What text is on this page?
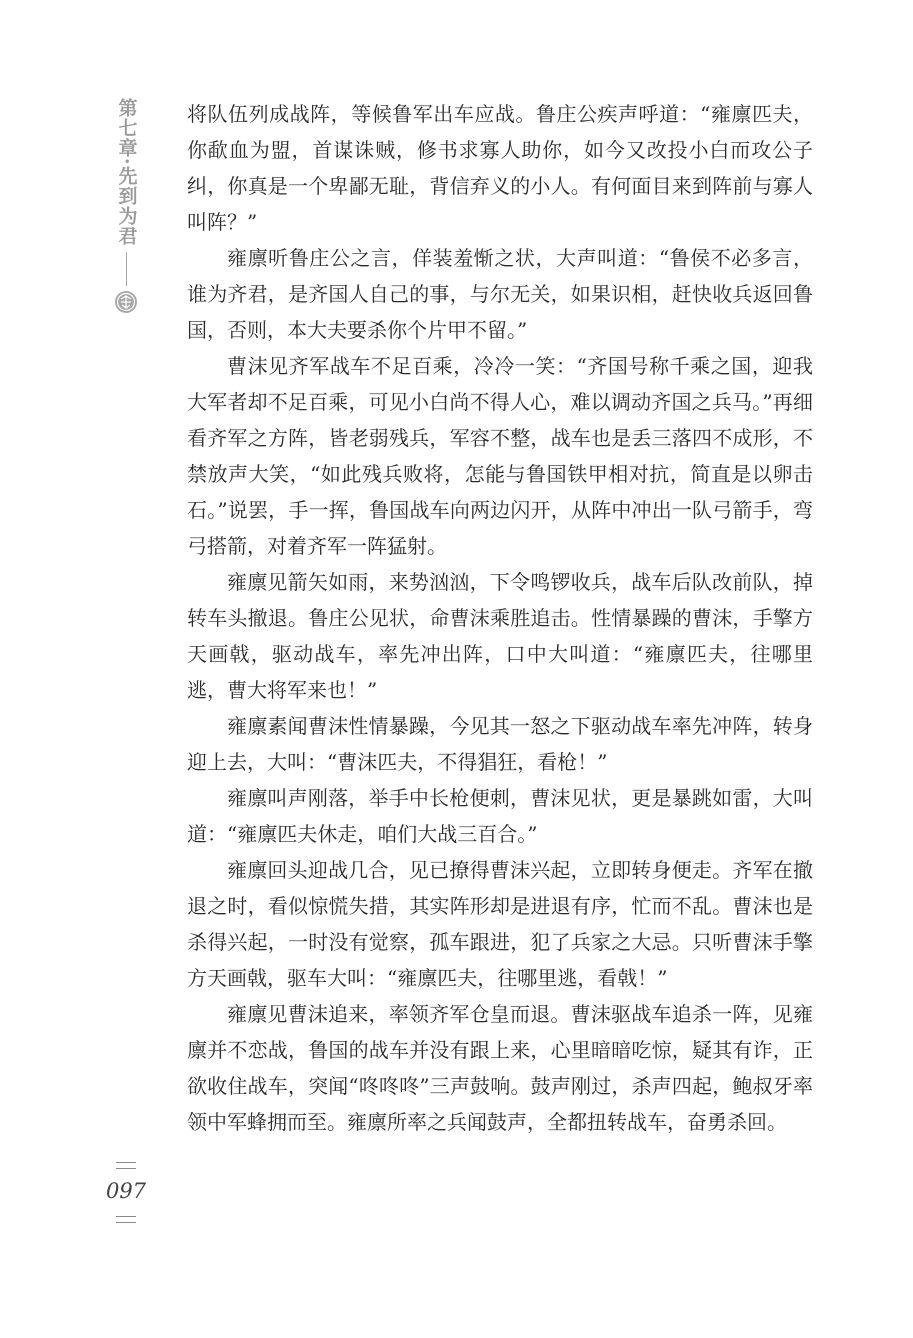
第七章·先到为君 将队伍列成战阵，等候鲁军出车应战。鲁庄公疾声呼道：“雍廪匹夫，你歃血为盟，首谋诛贼，修书求寡人助你，如今又改投小白而攻公子纠，你真是一个卑鄙无耻，背信弃义的小人。有何面目来到阵前与寡人叫阵？”

雍廪听鲁庄公之言，佯装羞惭之状，大声叫道：“鲁侯不必多言，谁为齐君，是齐国人自己的事，与尔无关，如果识相，赶快收兵返回鲁国，否则，本大夫要杀你个片甲不留。”

曹沫见齐军战车不足百乘，冷冷一笑：“齐国号称千乘之国，迎我大军者却不足百乘，可见小白尚不得人心，难以调动齐国之兵马。”再细看齐军之方阵，皆老弱残兵，军容不整，战车也是丢三落四不成形，不禁放声大笑，“如此残兵败将，怎能与鲁国铁甲相对抗，简直是以卵击石。”说罢，手一挥，鲁国战车向两边闪开，从阵中冲出一队弓箭手，弯弓搭箭，对着齐军一阵猛射。

雍廪见箭矢如雨，来势汹汹，下令鸣锣收兵，战车后队改前队，掉转车头撤退。鲁庄公见状，命曹沫乘胜追击。性情暴躁的曹沫，手擎方天画戟，驱动战车，率先冲出阵，口中大叫道：“雍廪匹夫，往哪里逃，曹大将军来也！”

雍廪素闻曹沫性情暴躁，今见其一怒之下驱动战车率先冲阵，转身迎上去，大叫：“曹沫匹夫，不得猖狂，看枪！”

雍廪叫声刚落，举手中长枪便刺，曹沫见状，更是暴跳如雷，大叫道：“雍廪匹夫休走，咱们大战三百合。”

雍廪回头迎战几合，见已撩得曹沫兴起，立即转身便走。齐军在撤退之时，看似惊慌失措，其实阵形却是进退有序，忙而不乱。曹沫也是杀得兴起，一时没有觉察，孤车跟进，犯了兵家之大忌。只听曹沫手擎方天画戟，驱车大叫：“雍廪匹夫，往哪里逃，看戟！”

雍廪见曹沫追来，率领齐军仓皇而退。曹沫驱战车追杀一阵，见雍廪并不恋战，鲁国的战车并没有跟上来，心里暗暗吃惊，疑其有诈，正欲收住战车，突闻“咚咚咚”三声鼓响。鼓声刚过，杀声四起，鲍叔牙率领中军蜂拥而至。雍廪所率之兵闻鼓声，全都扭转战车，奋勇杀回。

097
